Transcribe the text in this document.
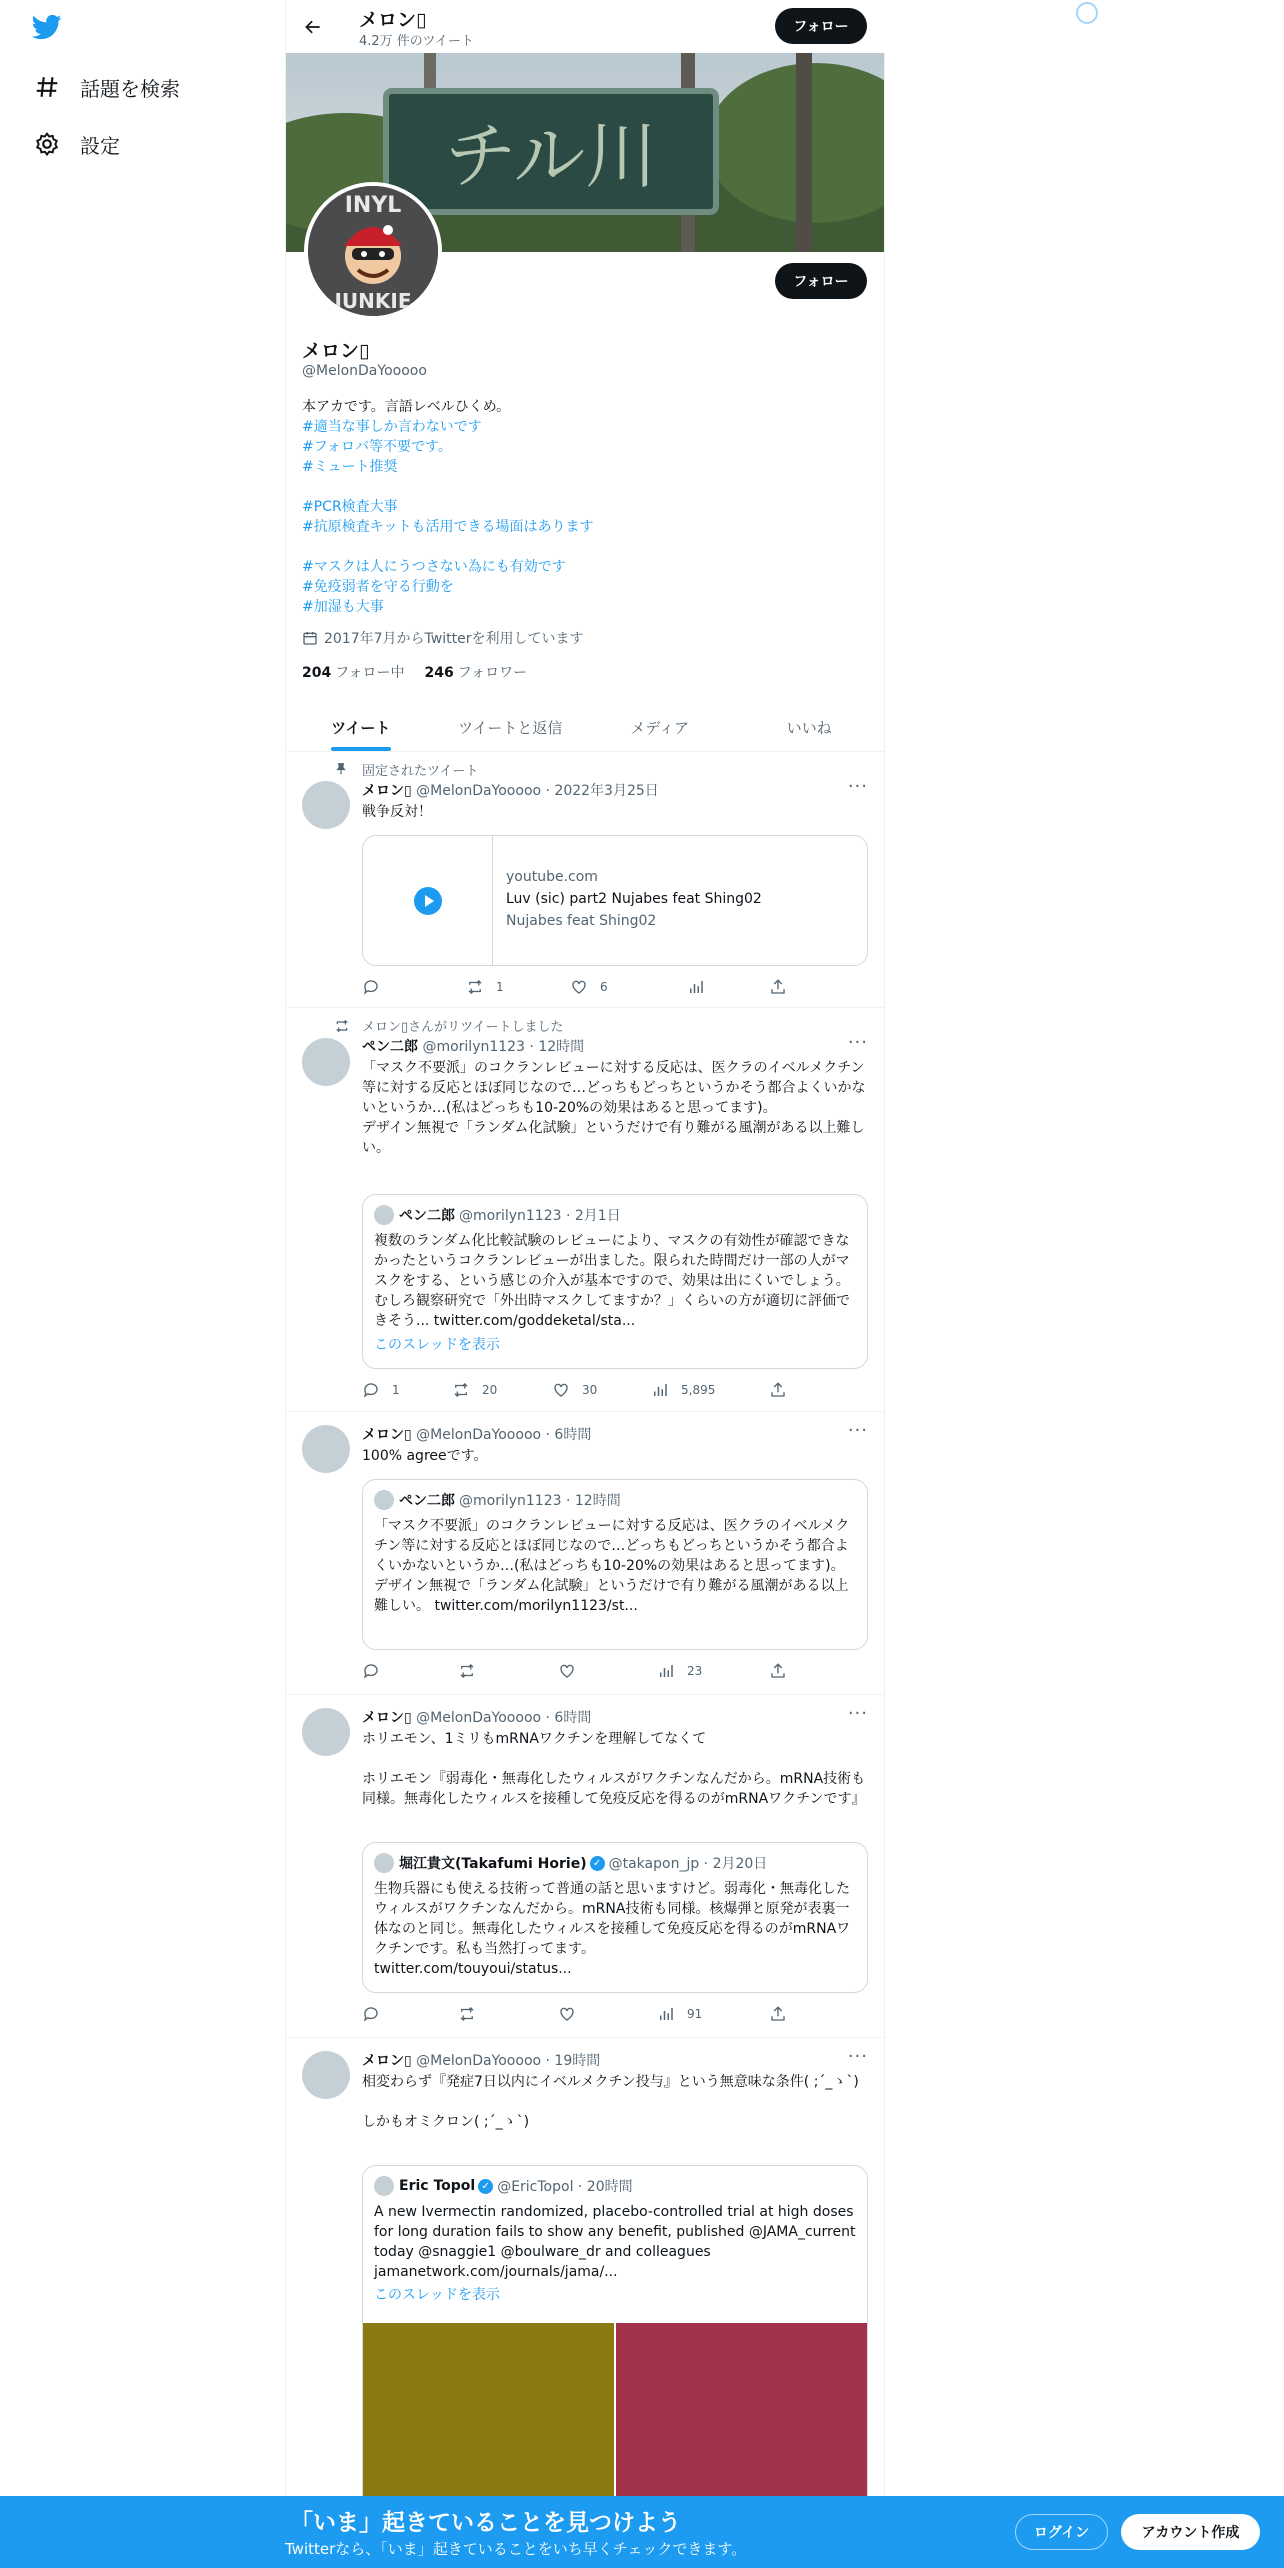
話題を検索
設定
メロン▯
4.2万 件のツイート
フォロー
チル川
INYL
JUNKIE
フォロー
メロン▯
@MelonDaYooooo
本アカです。言語レベルひくめ。
#適当な事しか言わないです
#フォロバ等不要です。
#ミュート推奨
#PCR検査大事
#抗原検査キットも活用できる場面はあります
#マスクは人にうつさない為にも有効です
#免疫弱者を守る行動を
#加湿も大事
2017年7月からTwitterを利用しています
204 フォロー中 246 フォロワー
ツイート	ツイートと返信	メディア	いいね
固定されたツイート
メロン▯ @MelonDaYooooo · 2022年3月25日	···
戦争反対！
youtube.com
Luv (sic) part2 Nujabes feat Shing02
Nujabes feat Shing02
1	6
メロン▯さんがリツイートしました
ペン二郎 @morilyn1123 · 12時間	···
「マスク不要派」のコクランレビューに対する反応は、医クラのイベルメクチン等に対する反応とほぼ同じなので…どっちもどっちというかそう都合よくいかないというか…(私はどっちも10-20%の効果はあると思ってます)。
デザイン無視で「ランダム化試験」というだけで有り難がる風潮がある以上難しい。
ペン二郎 @morilyn1123 · 2月1日
複数のランダム化比較試験のレビューにより、マスクの有効性が確認できなかったというコクランレビューが出ました。限られた時間だけ一部の人がマスクをする、という感じの介入が基本ですので、効果は出にくいでしょう。むしろ観察研究で「外出時マスクしてますか？」くらいの方が適切に評価できそう... twitter.com/goddeketal/sta...
このスレッドを表示
1	20	30	5,895
メロン▯ @MelonDaYooooo · 6時間	···
100% agreeです。
ペン二郎 @morilyn1123 · 12時間
「マスク不要派」のコクランレビューに対する反応は、医クラのイベルメクチン等に対する反応とほぼ同じなので…どっちもどっちというかそう都合よくいかないというか…(私はどっちも10-20%の効果はあると思ってます)。
デザイン無視で「ランダム化試験」というだけで有り難がる風潮がある以上難しい。 twitter.com/morilyn1123/st...
23
メロン▯ @MelonDaYooooo · 6時間	···
ホリエモン、1ミリもmRNAワクチンを理解してなくて

ホリエモン『弱毒化・無毒化したウィルスがワクチンなんだから。mRNA技術も同様。無毒化したウィルスを接種して免疫反応を得るのがmRNAワクチンです』
堀江貴文(Takafumi Horie) ✓ @takapon_jp · 2月20日
生物兵器にも使える技術って普通の話と思いますけど。弱毒化・無毒化したウィルスがワクチンなんだから。mRNA技術も同様。核爆弾と原発が表裏一体なのと同じ。無毒化したウィルスを接種して免疫反応を得るのがmRNAワクチンです。私も当然打ってます。
twitter.com/touyoui/status...
91
メロン▯ @MelonDaYooooo · 19時間	···
相変わらず『発症7日以内にイベルメクチン投与』という無意味な条件( ;´_ゝ`)

しかもオミクロン( ;´_ゝ`)
Eric Topol ✓ @EricTopol · 20時間
A new Ivermectin randomized, placebo-controlled trial at high doses for long duration fails to show any benefit, published @JAMA_current today @snaggie1 @boulware_dr and colleagues jamanetwork.com/journals/jama/...
このスレッドを表示
「いま」起きていることを見つけよう
Twitterなら、「いま」起きていることをいち早くチェックできます。
ログイン	アカウント作成
